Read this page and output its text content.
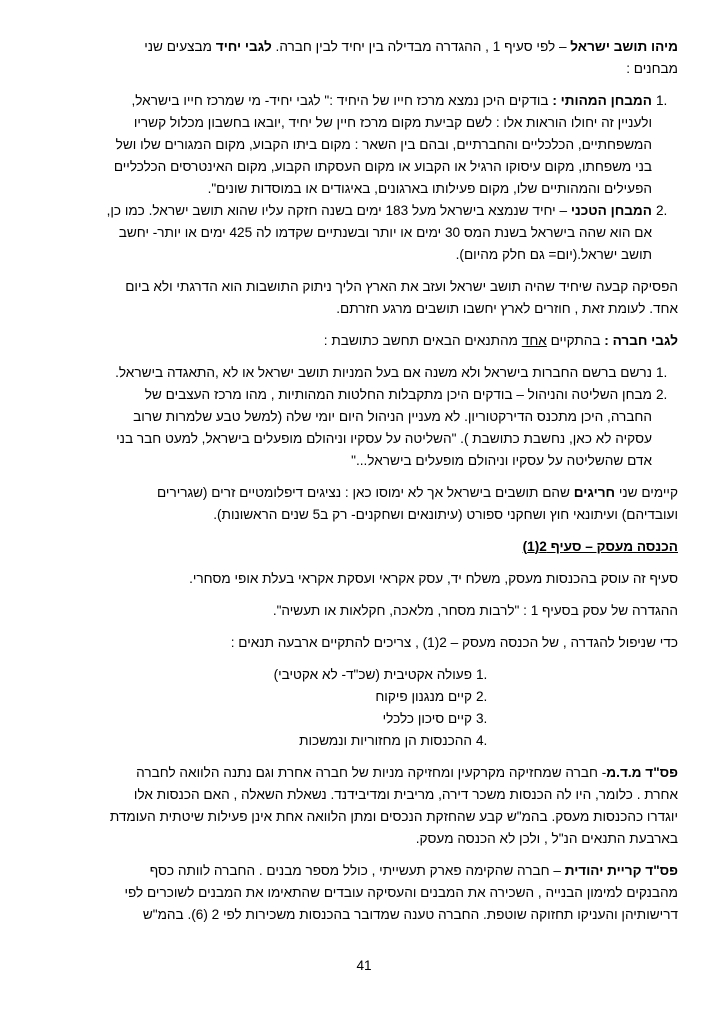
מיהו תושב ישראל – לפי סעיף 1 , ההגדרה מבדילה בין יחיד לבין חברה. לגבי יחיד מבצעים שני מבחנים :

1.
המבחן המהותי : בודקים היכן נמצא מרכז חייו של היחיד :" לגבי יחיד- מי שמרכז חייו בישראל, ולעניין זה יחולו הוראות אלו : לשם קביעת מקום מרכז חיין של יחיד ,יובאו בחשבון מכלול קשריו המשפחתיים, הכלכליים והחברתיים, ובהם בין השאר : מקום ביתו הקבוע, מקום המגורים שלו ושל בני משפחתו, מקום עיסוקו הרגיל או הקבוע או מקום העסקתו הקבוע, מקום האינטרסים הכלכליים הפעילים והמהותיים שלו, מקום פעילותו בארגונים, באיגודים או במוסדות שונים".
2.
המבחן הטכני – יחיד שנמצא בישראל מעל 183 ימים בשנה חזקה עליו שהוא תושב ישראל. כמו כן, אם הוא שהה בישראל בשנת המס 30 ימים או יותר ובשנתיים שקדמו לה 425 ימים או יותר- יחשב תושב ישראל.(יום= גם חלק מהיום).

הפסיקה קבעה שיחיד שהיה תושב ישראל ועזב את הארץ הליך ניתוק התושבות הוא הדרגתי ולא ביום אחד. לעומת זאת , חוזרים לארץ יחשבו תושבים מרגע חזרתם.

לגבי חברה : בהתקיים אחד מהתנאים הבאים תחשב כתושבת :

1.
נרשם ברשם החברות בישראל ולא משנה אם בעל המניות תושב ישראל או לא ,התאגדה בישראל.
2.
מבחן השליטה והניהול – בודקים היכן מתקבלות החלטות המהותיות , מהו מרכז העצבים של החברה, היכן מתכנס הדירקטוריון. לא מעניין הניהול היום יומי שלה (למשל טבע שלמרות שרוב עסקיה לא כאן, נחשבת כתושבת ). "השליטה על עסקיו וניהולם מופעלים בישראל, למעט חבר בני אדם שהשליטה על עסקיו וניהולם מופעלים בישראל..."

קיימים שני חריגים שהם תושבים בישראל אך לא ימוסו כאן : נציגים דיפלומטיים זרים (שגרירים ועובדיהם) ועיתונאי חוץ ושחקני ספורט (עיתונאים ושחקנים- רק ב5 שנים הראשונות).

הכנסה מעסק – סעיף 2(1)

סעיף זה עוסק בהכנסות מעסק, משלח יד, עסק אקראי ועסקת אקראי בעלת אופי מסחרי.

ההגדרה של עסק בסעיף 1 : "לרבות מסחר, מלאכה, חקלאות או תעשיה".

כדי שניפול להגדרה , של הכנסה מעסק – 2(1) , צריכים להתקיים ארבעה תנאים :

1.
פעולה אקטיבית (שכ"ד- לא אקטיבי)
2.
קיים מנגנון פיקוח
3.
קיים סיכון כלכלי
4.
ההכנסות הן מחזוריות ונמשכות

פס"ד מ.ד.מ- חברה שמחזיקה מקרקעין ומחזיקה מניות של חברה אחרת וגם נתנה הלוואה לחברה אחרת . כלומר, היו לה הכנסות משכר דירה, מריבית ומדיבידנד. נשאלת השאלה , האם הכנסות אלו יוגדרו כהכנסות מעסק. בהמ"ש קבע שהחזקת הנכסים ומתן הלוואה אחת אינן פעילות שיטתית העומדת בארבעת התנאים הנ"ל , ולכן לא הכנסה מעסק.

פס"ד קריית יהודית – חברה שהקימה פארק תעשייתי , כולל מספר מבנים . החברה לוותה כסף מהבנקים למימון הבנייה , השכירה את המבנים והעסיקה עובדים שהתאימו את המבנים לשוכרים לפי דרישותיהן והעניקו תחזוקה שוטפת. החברה טענה שמדובר בהכנסות משכירות לפי 2 (6). בהמ"ש

41
